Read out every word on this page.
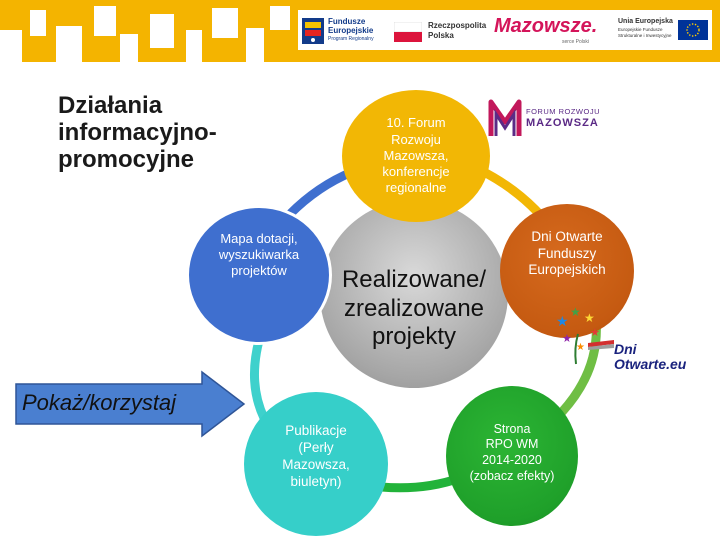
Fundusze
Europejskie
Program Regionalny
Rzeczpospolita
Polska Mazowsze.
serce Polski
Unia Europejska
Europejskie Fundusze
Strukturalne i Inwestycyjne
Działania
informacyjno-
promocyjne
Realizowane/
zrealizowane
projekty
10. Forum
Rozwoju
Mazowsza,
konferencje
regionalne
FORUM ROZWOJU
MAZOWSZA
Mapa dotacji,
wyszukiwarka
projektów
Dni Otwarte
Funduszy
Europejskich
★
★ ★
★
★
★ Dni Otwarte.eu
Publikacje
(Perły
Mazowsza,
biuletyn)
Strona
RPO WM
2014-2020
(zobacz efekty)
Pokaż/korzystaj
